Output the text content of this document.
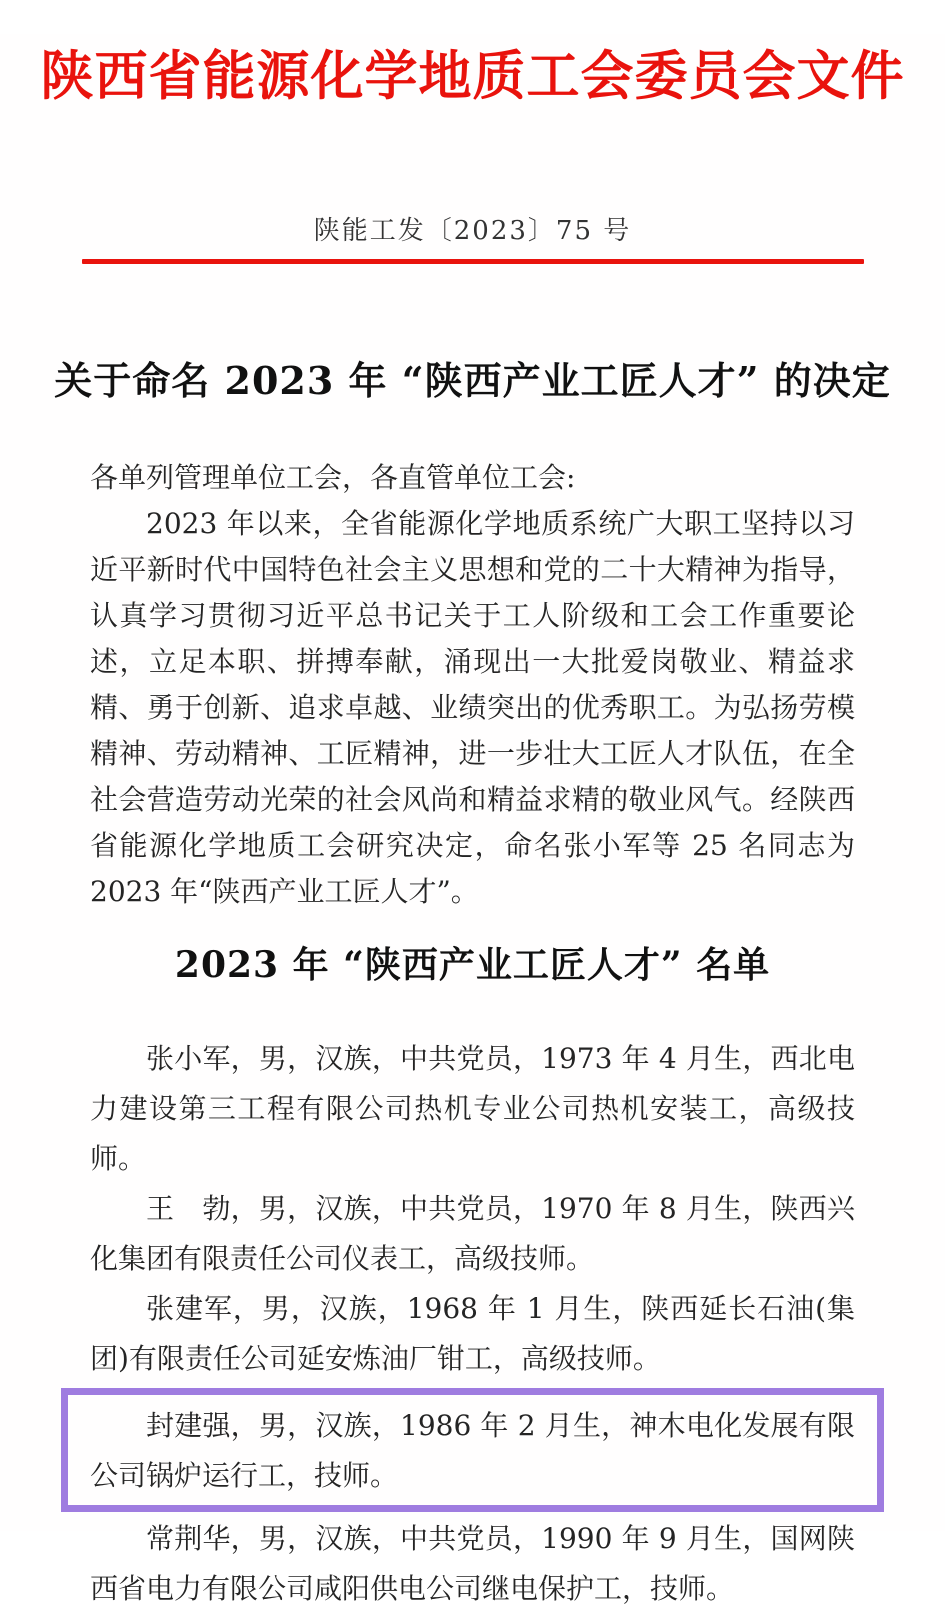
陕西省能源化学地质工会委员会文件
陕能工发〔2023〕75 号
关于命名 2023 年 “陕西产业工匠人才” 的决定

各单列管理单位工会，各直管单位工会:

2023 年以来，全省能源化学地质系统广大职工坚持以习近平新时代中国特色社会主义思想和党的二十大精神为指导，认真学习贯彻习近平总书记关于工人阶级和工会工作重要论述，立足本职、拼搏奉献，涌现出一大批爱岗敬业、精益求精、勇于创新、追求卓越、业绩突出的优秀职工。为弘扬劳模精神、劳动精神、工匠精神，进一步壮大工匠人才队伍，在全社会营造劳动光荣的社会风尚和精益求精的敬业风气。经陕西省能源化学地质工会研究决定，命名张小军等 25 名同志为 2023 年“陕西产业工匠人才”。

2023 年 “陕西产业工匠人才” 名单

张小军，男，汉族，中共党员，1973 年 4 月生，西北电力建设第三工程有限公司热机专业公司热机安装工，高级技师。

王　勃，男，汉族，中共党员，1970 年 8 月生，陕西兴化集团有限责任公司仪表工，高级技师。

张建军，男，汉族，1968 年 1 月生，陕西延长石油(集团)有限责任公司延安炼油厂钳工，高级技师。

封建强，男，汉族，1986 年 2 月生，神木电化发展有限公司锅炉运行工，技师。

常荆华，男，汉族，中共党员，1990 年 9 月生，国网陕西省电力有限公司咸阳供电公司继电保护工，技师。
